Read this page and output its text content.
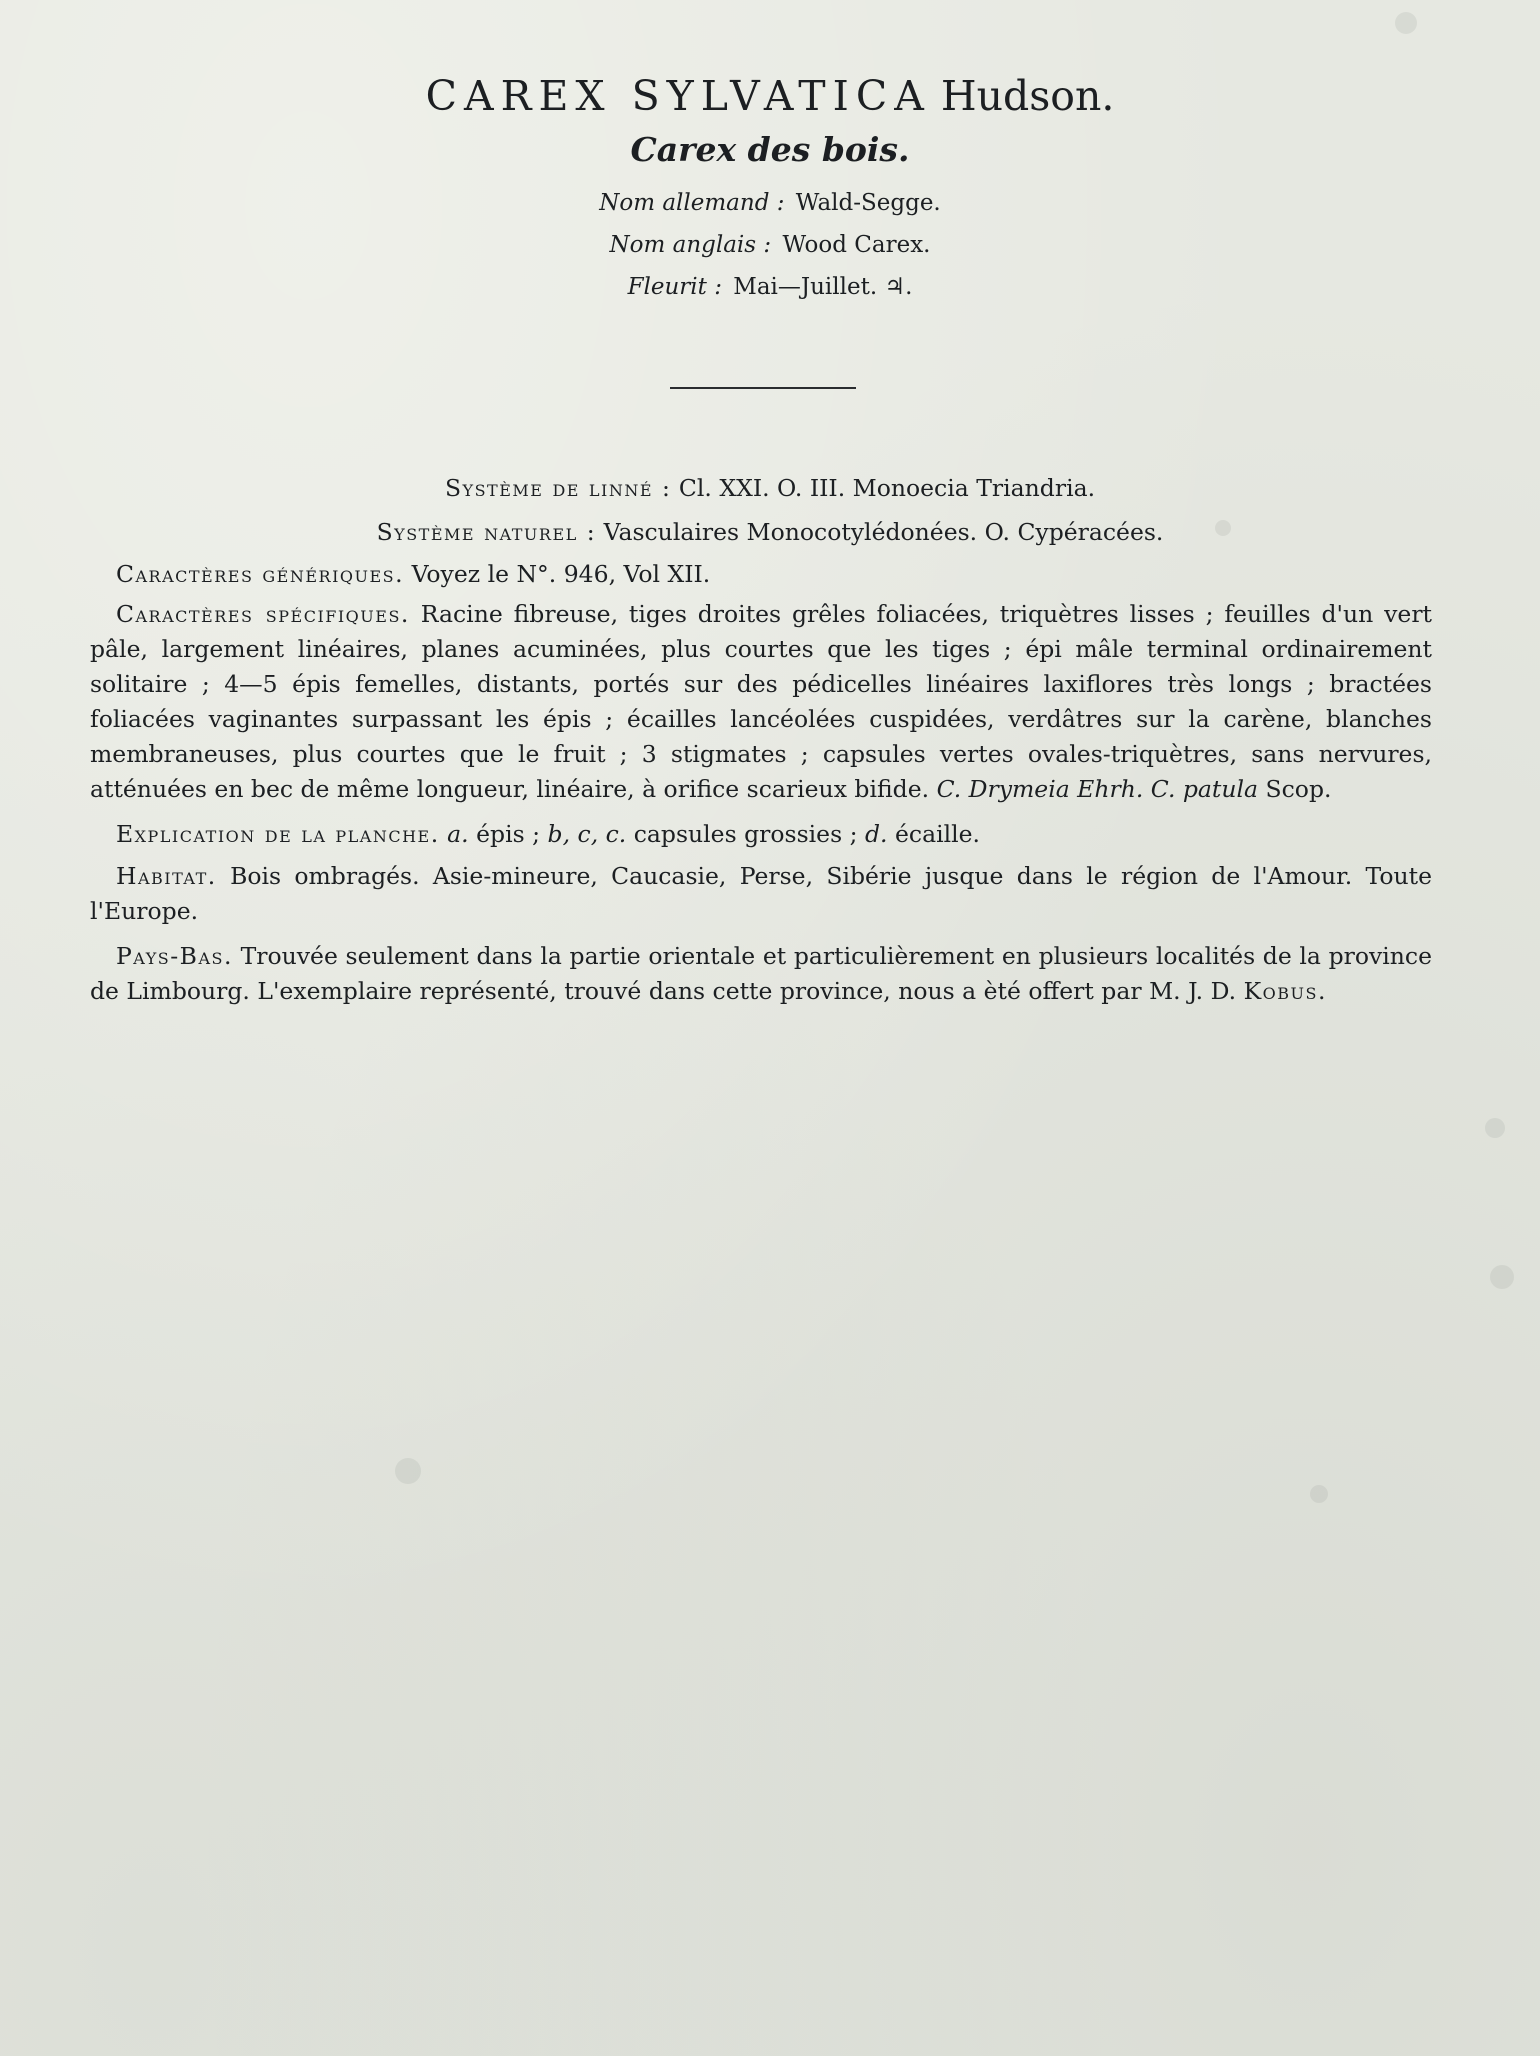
CAREX SYLVATICA Hudson.
Carex des bois.
Nom allemand : Wald-Segge.
Nom anglais : Wood Carex.
Fleurit : Mai—Juillet. ♃.
Système de linné : Cl. XXI. O. III. Monoecia Triandria.
Système naturel : Vasculaires Monocotylédonées. O. Cypéracées.
Caractères génériques. Voyez le N°. 946, Vol XII.
Caractères spécifiques. Racine fibreuse, tiges droites grêles foliacées, triquètres lisses ; feuilles d'un vert pâle, largement linéaires, planes acuminées, plus courtes que les tiges ; épi mâle terminal ordinairement solitaire ; 4—5 épis femelles, distants, portés sur des pédicelles linéaires laxiflores très longs ; bractées foliacées vaginantes surpassant les épis ; écailles lancéolées cuspidées, verdâtres sur la carène, blanches membraneuses, plus courtes que le fruit ; 3 stigmates ; capsules vertes ovales-triquètres, sans nervures, atténuées en bec de même longueur, linéaire, à orifice scarieux bifide. C. Drymeia Ehrh. C. patula Scop.
Explication de la planche. a. épis ; b, c, c. capsules grossies ; d. écaille.
Habitat. Bois ombragés. Asie-mineure, Caucasie, Perse, Sibérie jusque dans le région de l'Amour. Toute l'Europe.
Pays-Bas. Trouvée seulement dans la partie orientale et particulièrement en plusieurs localités de la province de Limbourg. L'exemplaire représenté, trouvé dans cette province, nous a èté offert par M. J. D. Kobus.
